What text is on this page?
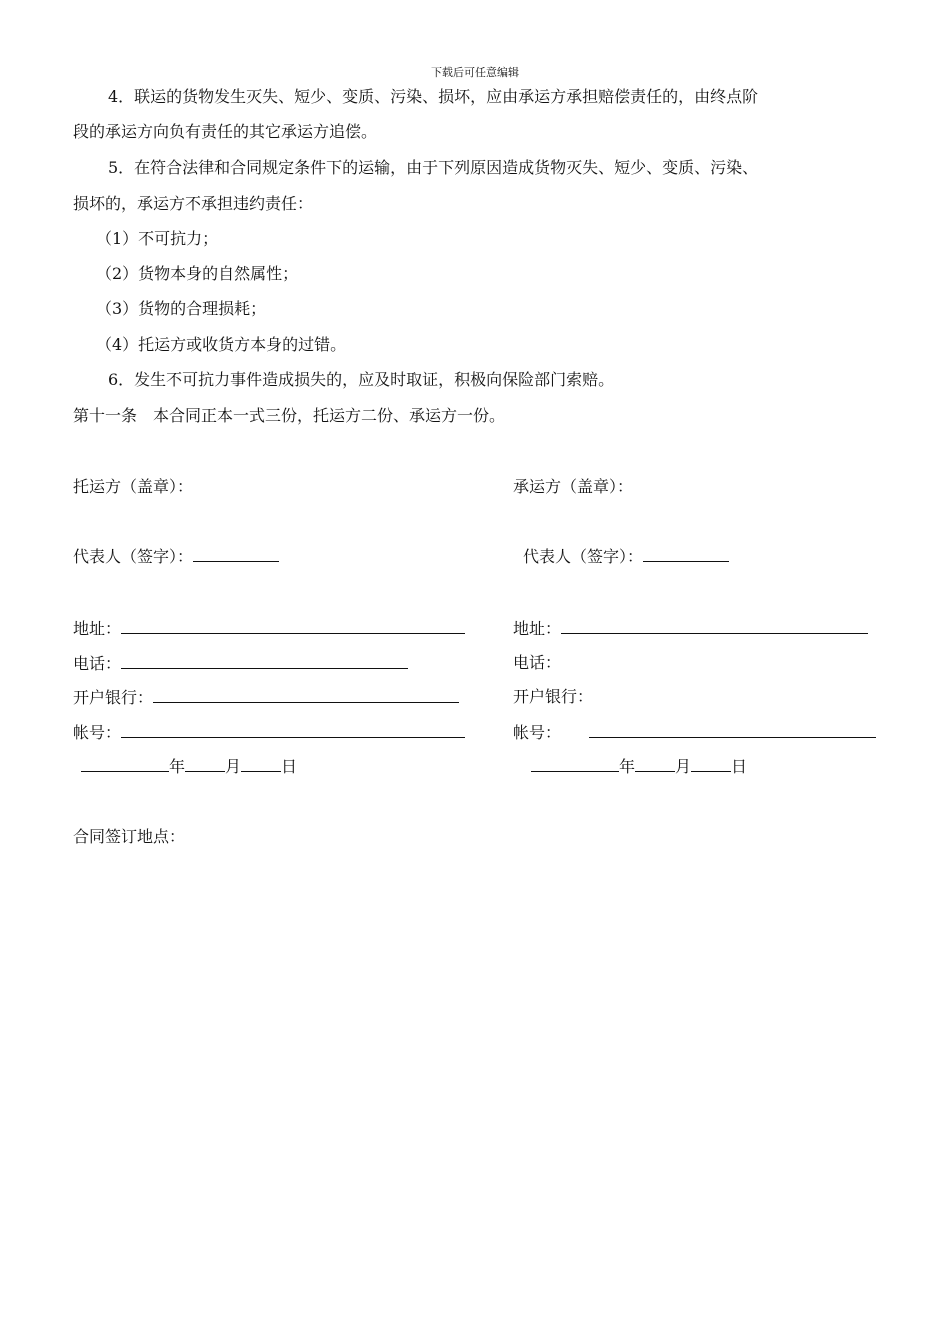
下载后可任意编辑
4．联运的货物发生灭失、短少、变质、污染、损坏，应由承运方承担赔偿责任的，由终点阶
段的承运方向负有责任的其它承运方追偿。
5．在符合法律和合同规定条件下的运输，由于下列原因造成货物灭失、短少、变质、污染、
损坏的，承运方不承担违约责任：
（1）不可抗力；
（2）货物本身的自然属性；
（3）货物的合理损耗；
（4）托运方或收货方本身的过错。
6．发生不可抗力事件造成损失的，应及时取证，积极向保险部门索赔。
第十一条　本合同正本一式三份，托运方二份、承运方一份。
托运方（盖章）：
代表人（签字）：
地址：
电话：
开户银行：
帐号：
年	月	日
承运方（盖章）：
代表人（签字）：
地址：
电话：
开户银行：
帐号：
年	月	日
合同签订地点：
